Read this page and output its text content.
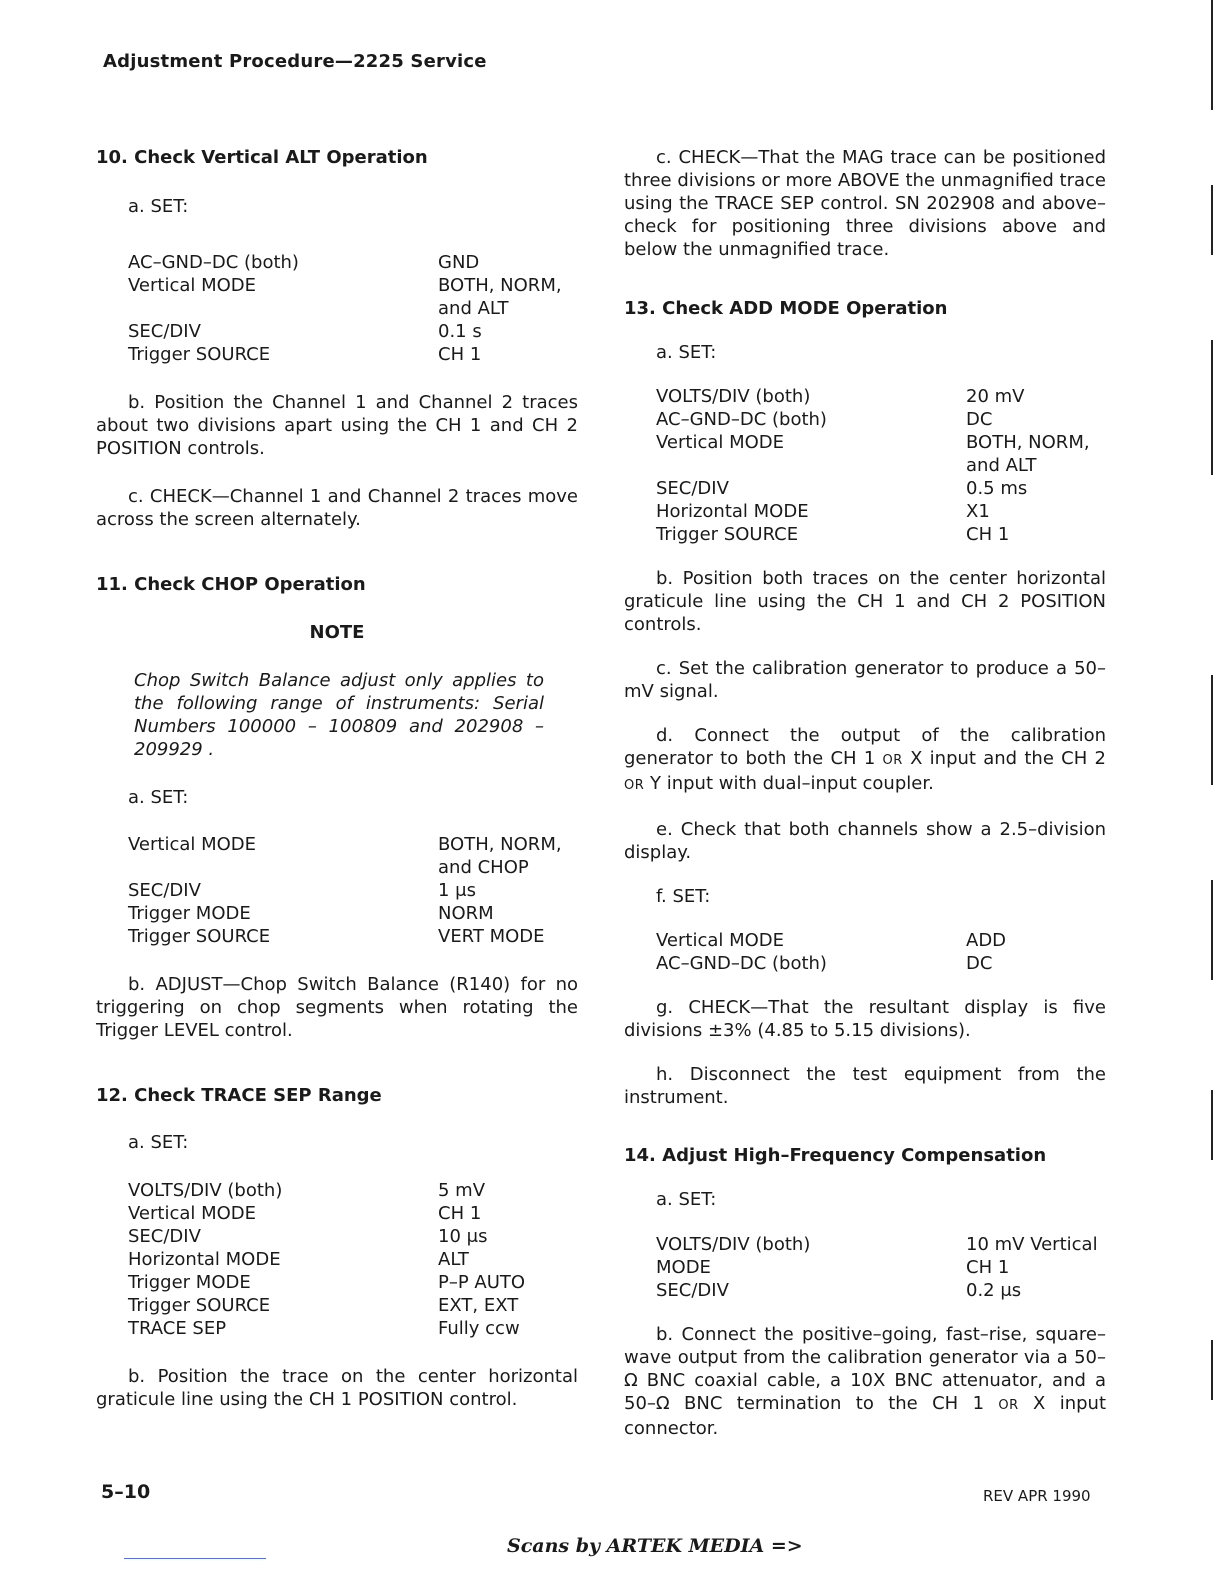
Adjustment Procedure—2225 Service

10. Check Vertical ALT Operation

a. SET:

AC–GND–DC (both)	GND
Vertical MODE	BOTH, NORM,
and ALT
SEC/DIV	0.1 s
Trigger SOURCE	CH 1

b. Position the Channel 1 and Channel 2 traces about two divisions apart using the CH 1 and CH 2 POSITION controls.

c. CHECK—Channel 1 and Channel 2 traces move across the screen alternately.

11. Check CHOP Operation

NOTE

Chop Switch Balance adjust only applies to the following range of instruments: Serial Numbers 100000 – 100809 and 202908 – 209929 .

a. SET:

Vertical MODE	BOTH, NORM,
and CHOP
SEC/DIV	1 μs
Trigger MODE	NORM
Trigger SOURCE	VERT MODE

b. ADJUST—Chop Switch Balance (R140) for no triggering on chop segments when rotating the Trigger LEVEL control.

12. Check TRACE SEP Range

a. SET:

VOLTS/DIV (both)	5 mV
Vertical MODE	CH 1
SEC/DIV	10 μs
Horizontal MODE	ALT
Trigger MODE	P–P AUTO
Trigger SOURCE	EXT, EXT
TRACE SEP	Fully ccw

b. Position the trace on the center horizontal graticule line using the CH 1 POSITION control.

c. CHECK—That the MAG trace can be positioned three divisions or more ABOVE the unmagnified trace using the TRACE SEP control. SN 202908 and above–check for positioning three divisions above and below the unmagnified trace.

13. Check ADD MODE Operation

a. SET:

VOLTS/DIV (both)	20 mV
AC–GND–DC (both)	DC
Vertical MODE	BOTH, NORM,
and ALT
SEC/DIV	0.5 ms
Horizontal MODE	X1
Trigger SOURCE	CH 1

b. Position both traces on the center horizontal graticule line using the CH 1 and CH 2 POSITION controls.

c. Set the calibration generator to produce a 50–mV signal.

d. Connect the output of the calibration generator to both the CH 1 OR X input and the CH 2 OR Y input with dual–input coupler.

e. Check that both channels show a 2.5–division display.

f. SET:

Vertical MODE	ADD
AC–GND–DC (both)	DC

g. CHECK—That the resultant display is five divisions ±3% (4.85 to 5.15 divisions).

h. Disconnect the test equipment from the instrument.

14. Adjust High–Frequency Compensation

a. SET:

VOLTS/DIV (both)	10 mV Vertical
MODE	CH 1
SEC/DIV	0.2 μs

b. Connect the positive–going, fast–rise, square–wave output from the calibration generator via a 50–Ω BNC coaxial cable, a 10X BNC attenuator, and a 50–Ω BNC termination to the CH 1 OR X input connector.

5–10	REV APR 1990
Scans by ARTEK MEDIA =>
